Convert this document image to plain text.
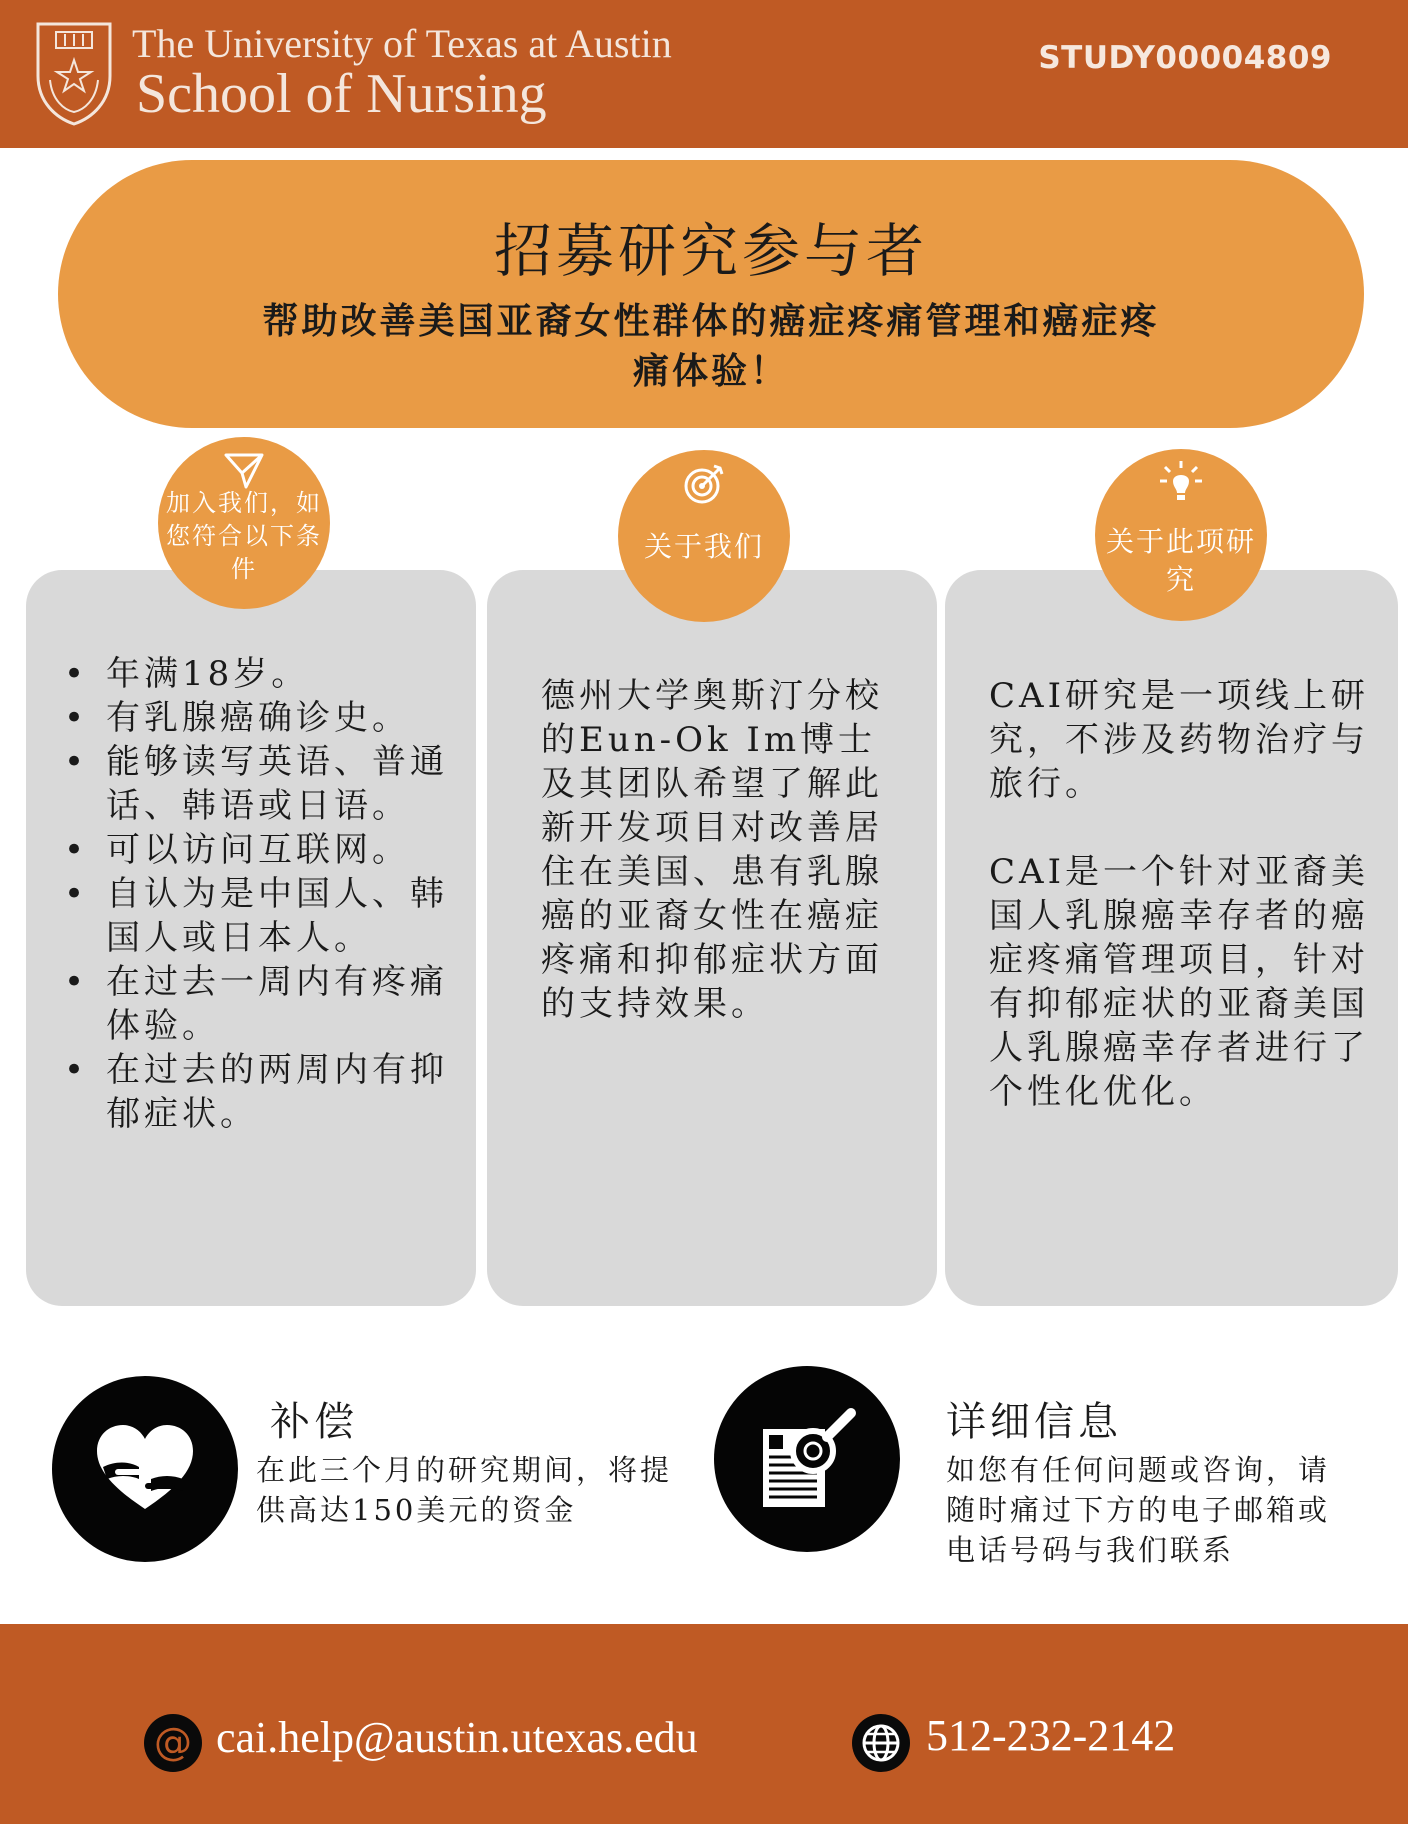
The University of Texas at Austin
School of Nursing
STUDY00004809
招募研究参与者
帮助改善美国亚裔女性群体的癌症疼痛管理和癌症疼痛体验！
• 年满18岁。
• 有乳腺癌确诊史。
• 能够读写英语、普通话、韩语或日语。
• 可以访问互联网。
• 自认为是中国人、韩国人或日本人。
• 在过去一周内有疼痛体验。
• 在过去的两周内有抑郁症状。
加入我们，如您符合以下条件
德州大学奥斯汀分校的Eun-Ok Im博士及其团队希望了解此新开发项目对改善居住在美国、患有乳腺癌的亚裔女性在癌症疼痛和抑郁症状方面的支持效果。
关于我们
CAI研究是一项线上研究，不涉及药物治疗与旅行。
CAI是一个针对亚裔美国人乳腺癌幸存者的癌症疼痛管理项目，针对有抑郁症状的亚裔美国人乳腺癌幸存者进行了个性化优化。
关于此项研究
补偿
在此三个月的研究期间，将提供高达150美元的资金
详细信息
如您有任何问题或咨询，请随时痛过下方的电子邮箱或电话号码与我们联系
@ cai.help@austin.utexas.edu	512-232-2142
